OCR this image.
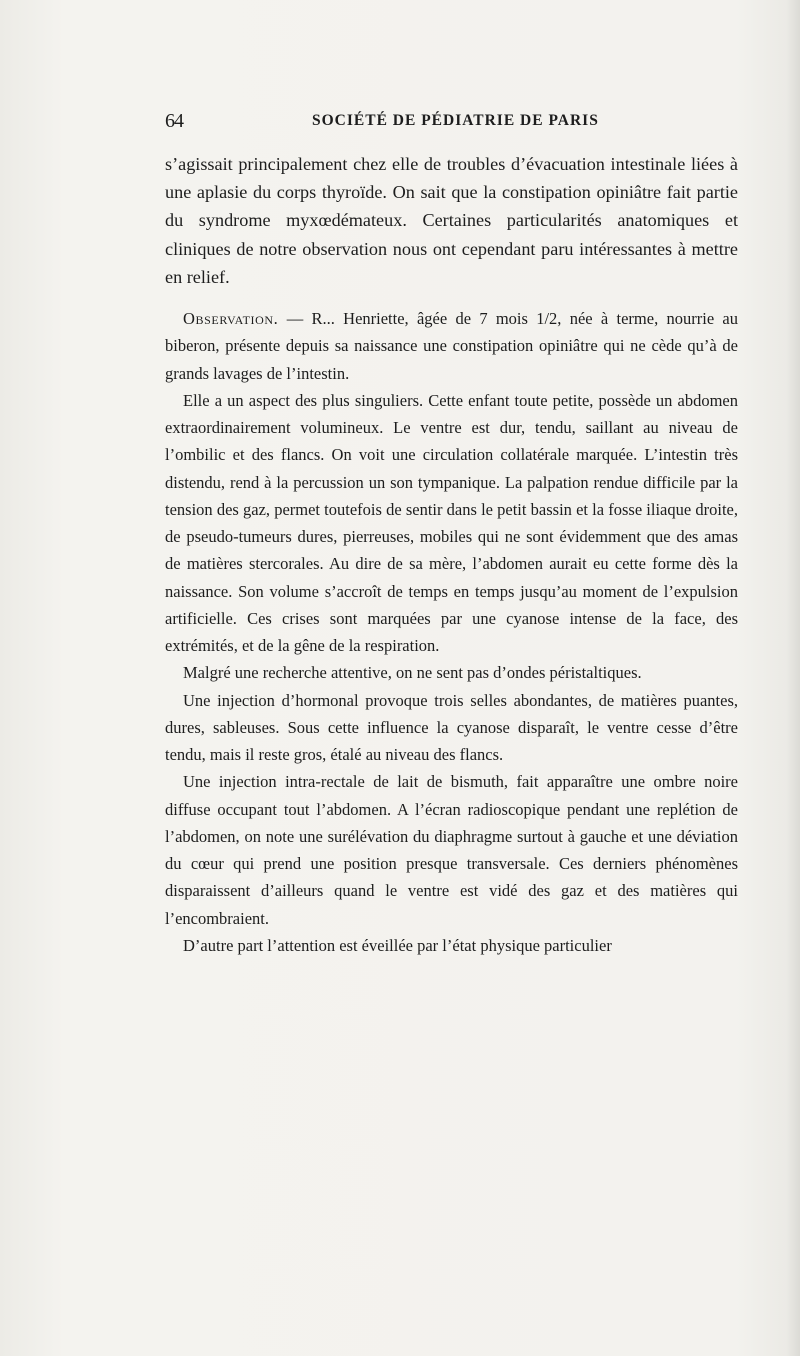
64	SOCIÉTÉ DE PÉDIATRIE DE PARIS

s’agissait principalement chez elle de troubles d’évacuation intestinale liées à une aplasie du corps thyroïde. On sait que la constipation opiniâtre fait partie du syndrome myxœdémateux. Certaines particularités anatomiques et cliniques de notre observation nous ont cependant paru intéressantes à mettre en relief.

Observation. — R... Henriette, âgée de 7 mois 1/2, née à terme, nourrie au biberon, présente depuis sa naissance une constipation opiniâtre qui ne cède qu’à de grands lavages de l’intestin.

Elle a un aspect des plus singuliers. Cette enfant toute petite, possède un abdomen extraordinairement volumineux. Le ventre est dur, tendu, saillant au niveau de l’ombilic et des flancs. On voit une circulation collatérale marquée. L’intestin très distendu, rend à la percussion un son tympanique. La palpation rendue difficile par la tension des gaz, permet toutefois de sentir dans le petit bassin et la fosse iliaque droite, de pseudo-tumeurs dures, pierreuses, mobiles qui ne sont évidemment que des amas de matières stercorales. Au dire de sa mère, l’abdomen aurait eu cette forme dès la naissance. Son volume s’accroît de temps en temps jusqu’au moment de l’expulsion artificielle. Ces crises sont marquées par une cyanose intense de la face, des extrémités, et de la gêne de la respiration.

Malgré une recherche attentive, on ne sent pas d’ondes péristaltiques.

Une injection d’hormonal provoque trois selles abondantes, de matières puantes, dures, sableuses. Sous cette influence la cyanose disparaît, le ventre cesse d’être tendu, mais il reste gros, étalé au niveau des flancs.

Une injection intra-rectale de lait de bismuth, fait apparaître une ombre noire diffuse occupant tout l’abdomen. A l’écran radioscopique pendant une replétion de l’abdomen, on note une surélévation du diaphragme surtout à gauche et une déviation du cœur qui prend une position presque transversale. Ces derniers phénomènes disparaissent d’ailleurs quand le ventre est vidé des gaz et des matières qui l’encombraient.

D’autre part l’attention est éveillée par l’état physique particulier
